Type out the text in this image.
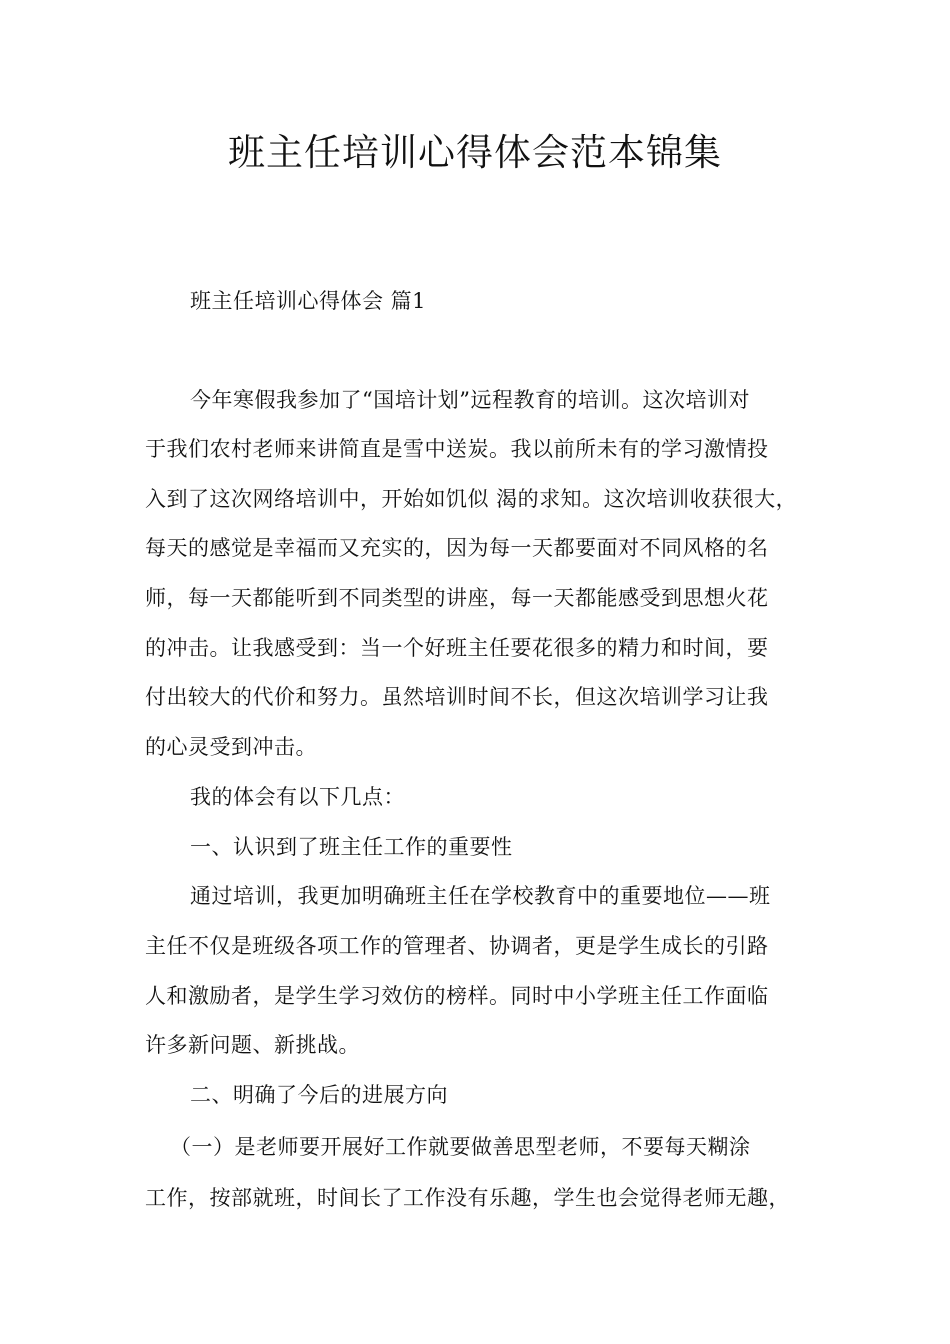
班主任培训心得体会范本锦集
班主任培训心得体会 篇1
今年寒假我参加了“国培计划”远程教育的培训。这次培训对
于我们农村老师来讲简直是雪中送炭。我以前所未有的学习激情投
入到了这次网络培训中，开始如饥似 渴的求知。这次培训收获很大，
每天的感觉是幸福而又充实的，因为每一天都要面对不同风格的名
师，每一天都能听到不同类型的讲座，每一天都能感受到思想火花
的冲击。让我感受到：当一个好班主任要花很多的精力和时间，要
付出较大的代价和努力。虽然培训时间不长，但这次培训学习让我
的心灵受到冲击。
我的体会有以下几点：
一、认识到了班主任工作的重要性
通过培训，我更加明确班主任在学校教育中的重要地位——班
主任不仅是班级各项工作的管理者、协调者，更是学生成长的引路
人和激励者，是学生学习效仿的榜样。同时中小学班主任工作面临
许多新问题、新挑战。
二、明确了今后的进展方向
（一）是老师要开展好工作就要做善思型老师，不要每天糊涂
工作，按部就班，时间长了工作没有乐趣，学生也会觉得老师无趣，
